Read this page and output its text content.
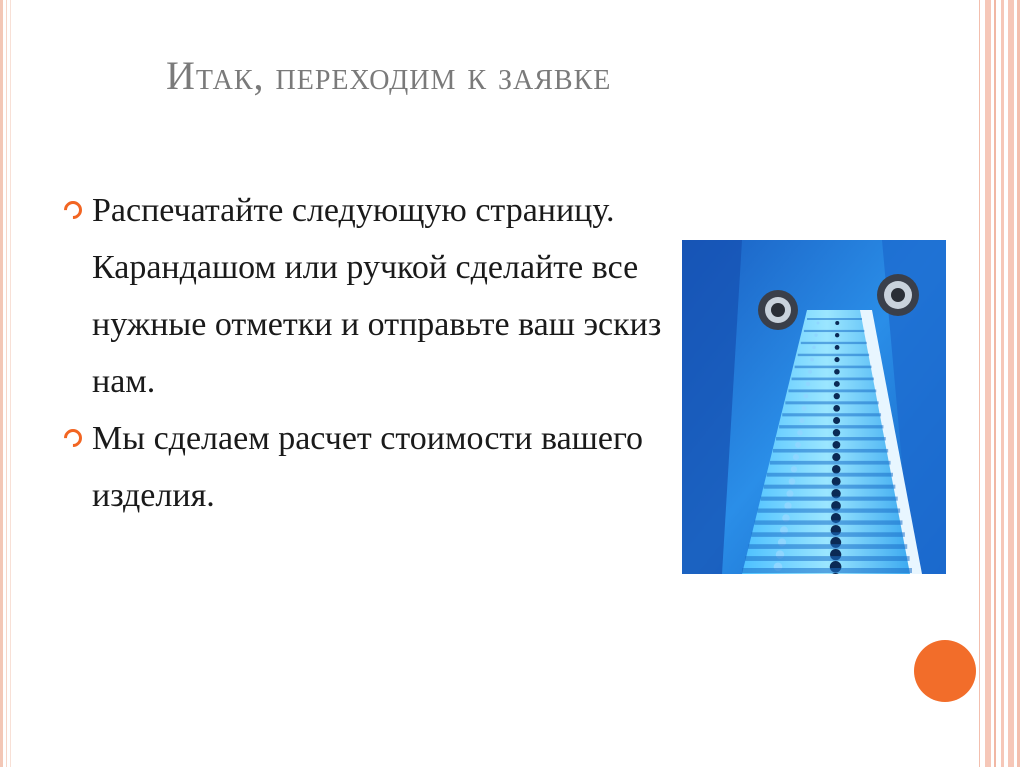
Итак, переходим к заявке
Распечатайте следующую страницу. Карандашом или ручкой сделайте все нужные отметки и отправьте ваш эскиз нам.
Мы сделаем расчет стоимости вашего изделия.
